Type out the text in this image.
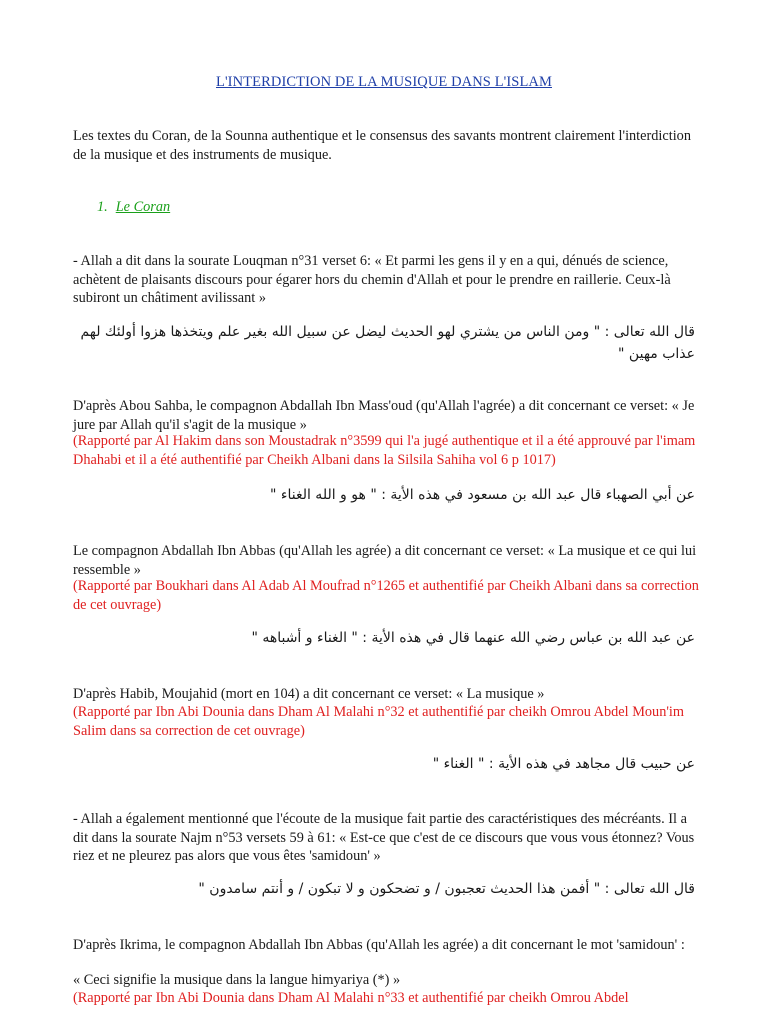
L'INTERDICTION DE LA MUSIQUE DANS L'ISLAM
Les textes du Coran, de la Sounna authentique et le consensus des savants montrent clairement l'interdiction de la musique et des instruments de musique.
1. Le Coran
- Allah a dit dans la sourate Louqman n°31 verset 6: « Et parmi les gens il y en a qui, dénués de science, achètent de plaisants discours pour égarer hors du chemin d'Allah et pour le prendre en raillerie. Ceux-là subiront un châtiment avilissant »
قال الله تعالى : " ومن الناس من يشتري لهو الحديث ليضل عن سبيل الله بغير علم ويتخذها هزوا أولئك لهم عذاب مهين "
D'après Abou Sahba, le compagnon Abdallah Ibn Mass'oud (qu'Allah l'agrée) a dit concernant ce verset: « Je jure par Allah qu'il s'agit de la musique »
(Rapporté par Al Hakim dans son Moustadrak n°3599 qui l'a jugé authentique et il a été approuvé par l'imam Dhahabi et il a été authentifié par Cheikh Albani dans la Silsila Sahiha vol 6 p 1017)
عن أبي الصهباء قال عبد الله بن مسعود في هذه الأية : " هو و الله الغناء "
Le compagnon Abdallah Ibn Abbas (qu'Allah les agrée) a dit concernant ce verset: « La musique et ce qui lui ressemble »
(Rapporté par Boukhari dans Al Adab Al Moufrad n°1265 et authentifié par Cheikh Albani dans sa correction de cet ouvrage)
عن عبد الله بن عباس رضي الله عنهما قال في هذه الأية : " الغناء و أشباهه "
D'après Habib, Moujahid (mort en 104) a dit concernant ce verset: « La musique »
(Rapporté par Ibn Abi Dounia dans Dham Al Malahi n°32 et authentifié par cheikh Omrou Abdel Moun'im Salim dans sa correction de cet ouvrage)
عن حبيب قال مجاهد في هذه الأية : " الغناء "
- Allah a également mentionné que l'écoute de la musique fait partie des caractéristiques des mécréants. Il a dit dans la sourate Najm n°53 versets 59 à 61: « Est-ce que c'est de ce discours que vous vous étonnez? Vous riez et ne pleurez pas alors que vous êtes 'samidoun' »
قال الله تعالى : " أفمن هذا الحديث تعجبون / و تضحكون و لا تبكون / و أنتم سامدون "
D'après Ikrima, le compagnon Abdallah Ibn Abbas (qu'Allah les agrée) a dit concernant le mot 'samidoun' :
« Ceci signifie la musique dans la langue himyariya (*) »
(Rapporté par Ibn Abi Dounia dans Dham Al Malahi n°33 et authentifié par cheikh Omrou Abdel
